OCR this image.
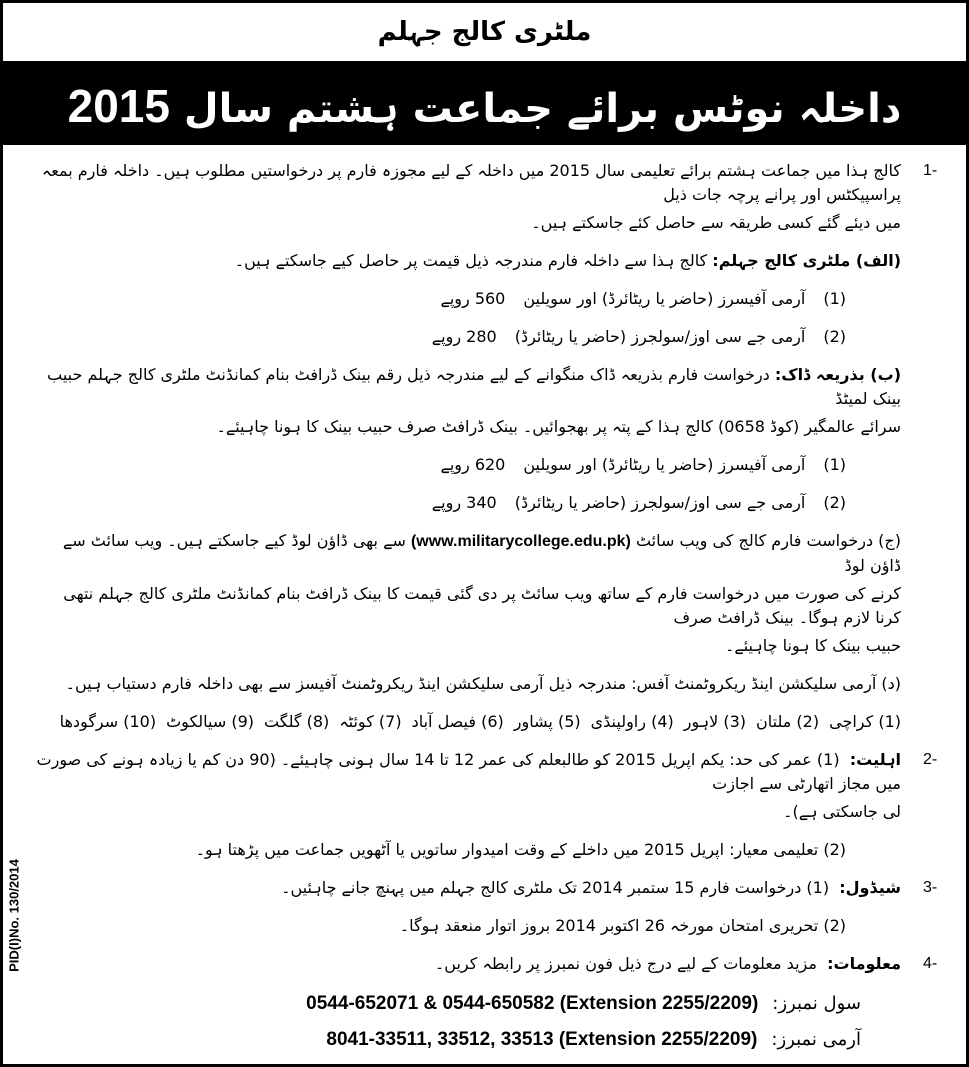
ملٹری کالج جہلم
داخلہ نوٹس برائے جماعت ہشتم سال 2015
1-
کالج ہذا میں جماعت ہشتم برائے تعلیمی سال 2015 میں داخلہ کے لیے مجوزہ فارم پر درخواستیں مطلوب ہیں۔ داخلہ فارم بمعہ پراسپیکٹس اور پرانے پرچہ جات ذیل
میں دیئے گئے کسی طریقہ سے حاصل کئے جاسکتے ہیں۔
(الف) ملٹری کالج جہلم: کالج ہذا سے داخلہ فارم مندرجہ ذیل قیمت پر حاصل کیے جاسکتے ہیں۔
(1)
آرمی آفیسرز (حاضر یا ریٹائرڈ) اور سویلین
560 روپے
(2)
آرمی جے سی اوز/سولجرز (حاضر یا ریٹائرڈ)
280 روپے
(ب) بذریعہ ڈاک: درخواست فارم بذریعہ ڈاک منگوانے کے لیے مندرجہ ذیل رقم بینک ڈرافٹ بنام کمانڈنٹ ملٹری کالج جہلم حبیب بینک لمیٹڈ
سرائے عالمگیر (کوڈ 0658) کالج ہذا کے پتہ پر بھجوائیں۔ بینک ڈرافٹ صرف حبیب بینک کا ہونا چاہیئے۔
(1)
آرمی آفیسرز (حاضر یا ریٹائرڈ) اور سویلین
620 روپے
(2)
آرمی جے سی اوز/سولجرز (حاضر یا ریٹائرڈ)
340 روپے
(ج) درخواست فارم کالج کی ویب سائٹ (www.militarycollege.edu.pk) سے بھی ڈاؤن لوڈ کیے جاسکتے ہیں۔ ویب سائٹ سے ڈاؤن لوڈ
کرنے کی صورت میں درخواست فارم کے ساتھ ویب سائٹ پر دی گئی قیمت کا بینک ڈرافٹ بنام کمانڈنٹ ملٹری کالج جہلم نتھی کرنا لازم ہوگا۔ بینک ڈرافٹ صرف
حبیب بینک کا ہونا چاہیئے۔
(د) آرمی سلیکشن اینڈ ریکروٹمنٹ آفس: مندرجہ ذیل آرمی سلیکشن اینڈ ریکروٹمنٹ آفیسز سے بھی داخلہ فارم دستیاب ہیں۔
(1) کراچی(2) ملتان(3) لاہور(4) راولپنڈی(5) پشاور(6) فیصل آباد(7) کوئٹہ(8) گلگت(9) سیالکوٹ(10) سرگودھا
2-
اہلیت:  (1) عمر کی حد: یکم اپریل 2015 کو طالبعلم کی عمر 12 تا 14 سال ہونی چاہیئے۔ (90 دن کم یا زیادہ ہونے کی صورت میں مجاز اتھارٹی سے اجازت
لی جاسکتی ہے)۔
(2) تعلیمی معیار: اپریل 2015 میں داخلے کے وقت امیدوار ساتویں یا آٹھویں جماعت میں پڑھتا ہو۔
3-
شیڈول:  (1) درخواست فارم 15 ستمبر 2014 تک ملٹری کالج جہلم میں پہنچ جانے چاہئیں۔
(2) تحریری امتحان مورخہ 26 اکتوبر 2014 بروز اتوار منعقد ہوگا۔
4-
معلومات:  مزید معلومات کے لیے درج ذیل فون نمبرز پر رابطہ کریں۔
سول نمبرز:
0544-652071 & 0544-650582 (Extension 2255/2209)
آرمی نمبرز:
8041-33511, 33512, 33513 (Extension 2255/2209)
PID(I)No. 130/2014
